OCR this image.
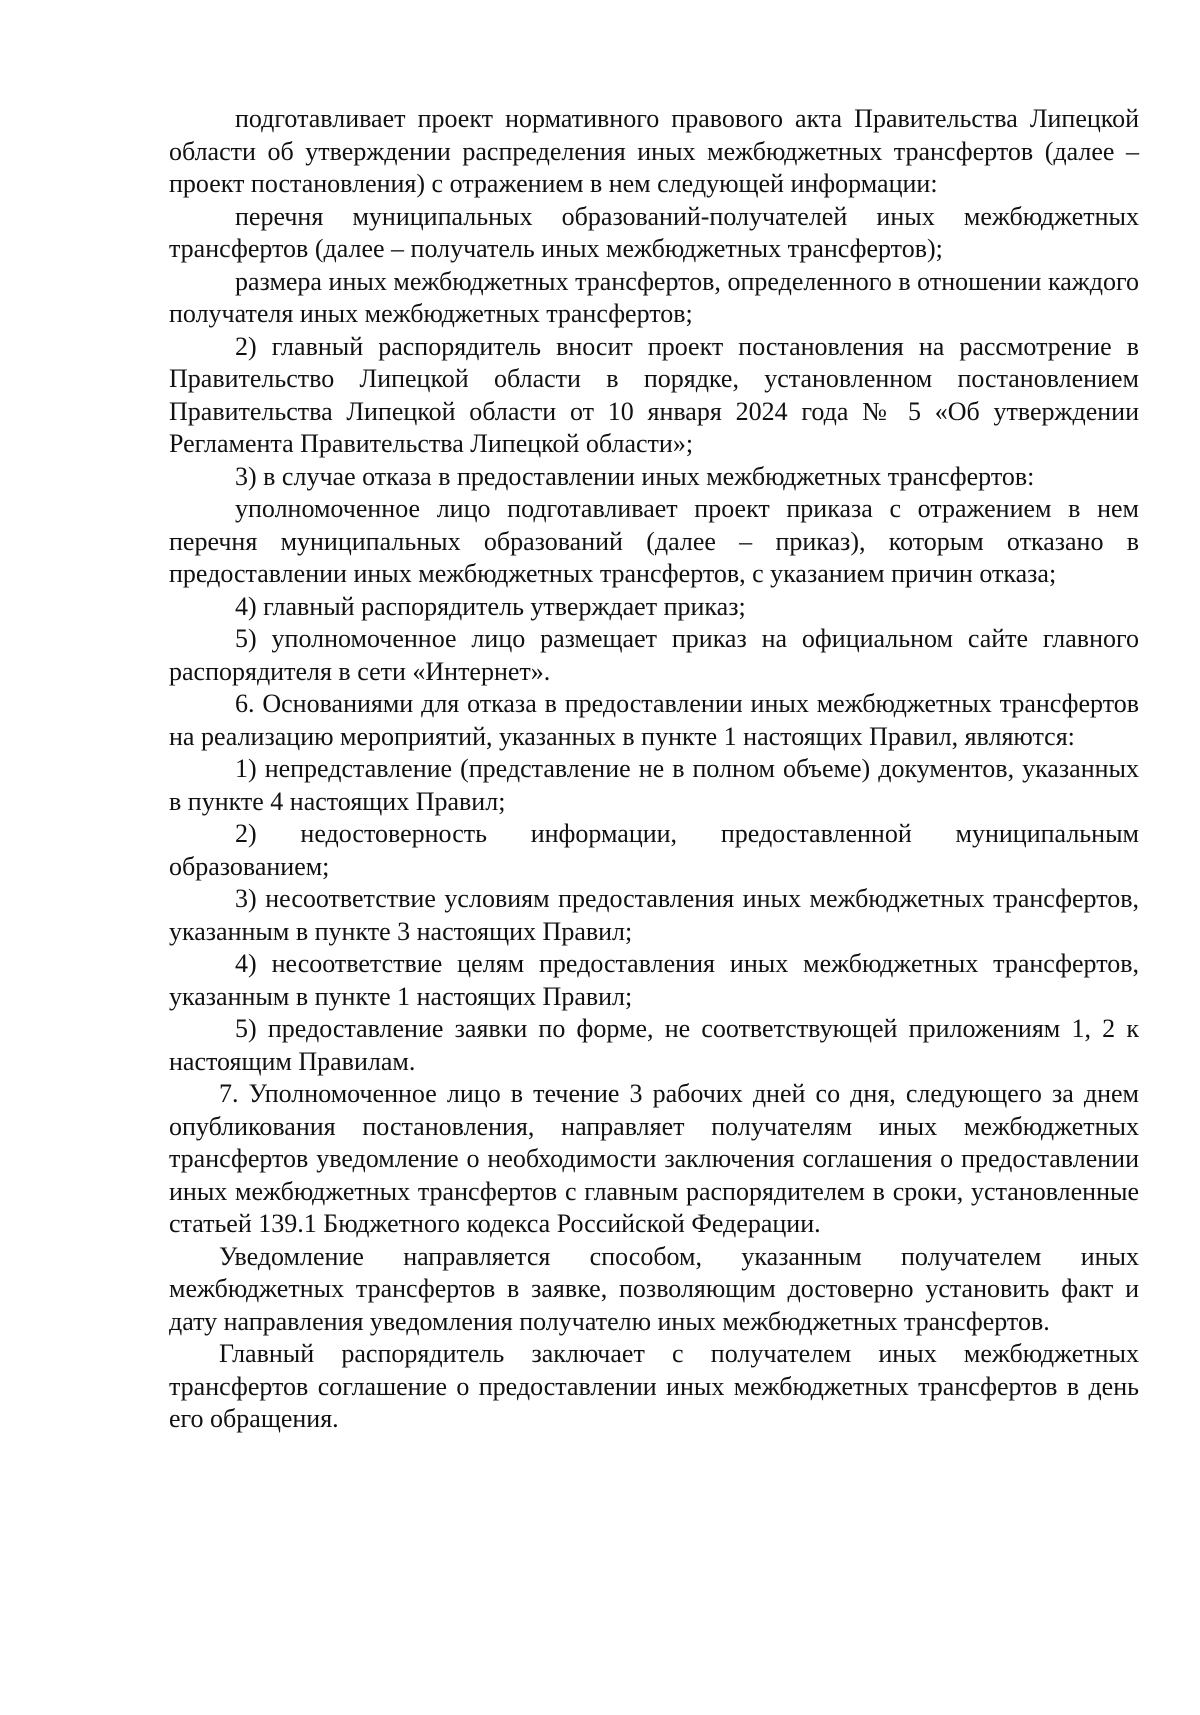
подготавливает проект нормативного правового акта Правительства Липецкой области об утверждении распределения иных межбюджетных трансфертов (далее – проект постановления) с отражением в нем следующей информации:

перечня муниципальных образований-получателей иных межбюджетных трансфертов (далее – получатель иных межбюджетных трансфертов);

размера иных межбюджетных трансфертов, определенного в отношении каждого получателя иных межбюджетных трансфертов;

2) главный распорядитель вносит проект постановления на рассмотрение в Правительство Липецкой области в порядке, установленном постановлением Правительства Липецкой области от 10 января 2024 года № 5 «Об утверждении Регламента Правительства Липецкой области»;

3) в случае отказа в предоставлении иных межбюджетных трансфертов:

уполномоченное лицо подготавливает проект приказа с отражением в нем перечня муниципальных образований (далее – приказ), которым отказано в предоставлении иных межбюджетных трансфертов, с указанием причин отказа;

4) главный распорядитель утверждает приказ;

5) уполномоченное лицо размещает приказ на официальном сайте главного распорядителя в сети «Интернет».

6. Основаниями для отказа в предоставлении иных межбюджетных трансфертов на реализацию мероприятий, указанных в пункте 1 настоящих Правил, являются:

1) непредставление (представление не в полном объеме) документов, указанных в пункте 4 настоящих Правил;

2) недостоверность информации, предоставленной муниципальным образованием;

3) несоответствие условиям предоставления иных межбюджетных трансфертов, указанным в пункте 3 настоящих Правил;

4) несоответствие целям предоставления иных межбюджетных трансфертов, указанным в пункте 1 настоящих Правил;

5) предоставление заявки по форме, не соответствующей приложениям 1, 2 к настоящим Правилам.

7. Уполномоченное лицо в течение 3 рабочих дней со дня, следующего за днем опубликования постановления, направляет получателям иных межбюджетных трансфертов уведомление о необходимости заключения соглашения о предоставлении иных межбюджетных трансфертов с главным распорядителем в сроки, установленные статьей 139.1 Бюджетного кодекса Российской Федерации.

Уведомление направляется способом, указанным получателем иных межбюджетных трансфертов в заявке, позволяющим достоверно установить факт и дату направления уведомления получателю иных межбюджетных трансфертов.

Главный распорядитель заключает с получателем иных межбюджетных трансфертов соглашение о предоставлении иных межбюджетных трансфертов в день его обращения.
